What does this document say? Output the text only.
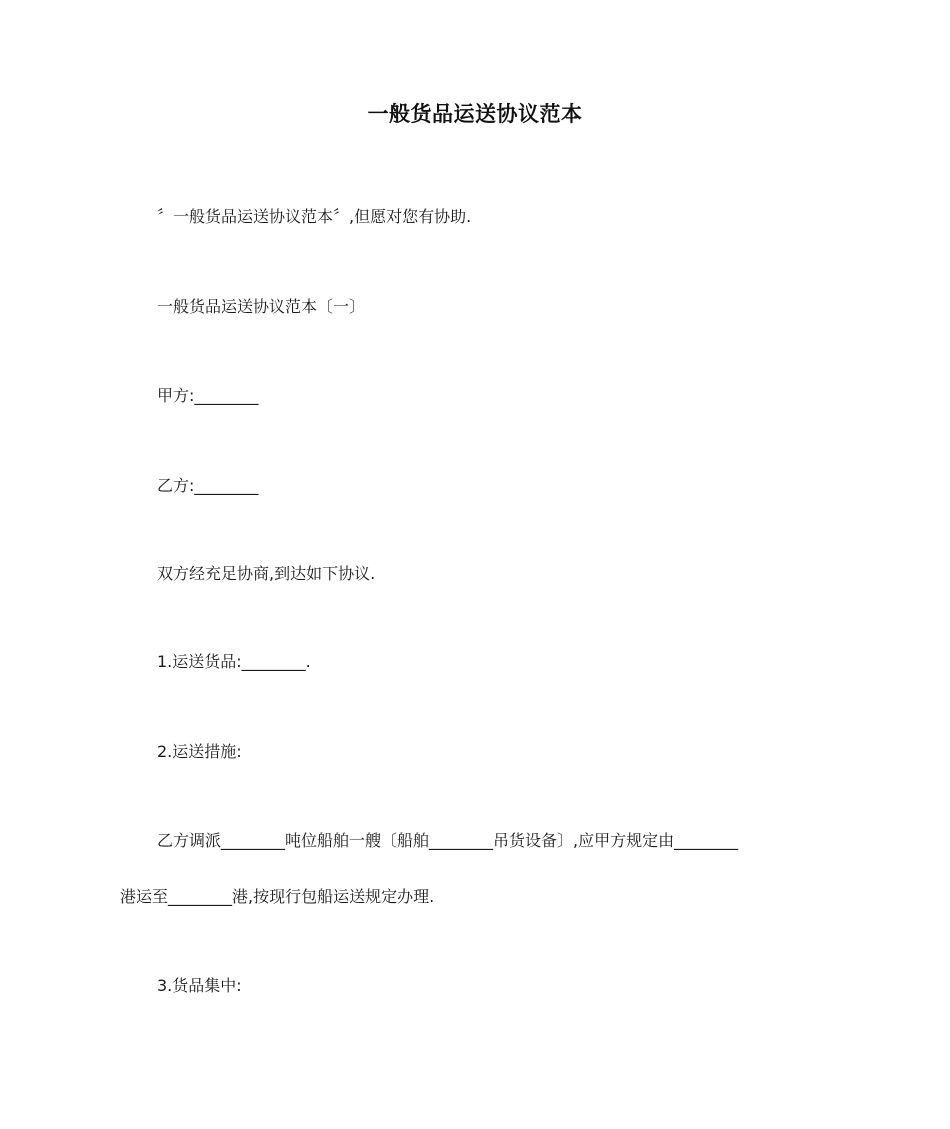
一般货品运送协议范本
〞一般货品运送协议范本〞,但愿对您有协助.
一般货品运送协议范本〔一〕
甲方:________
乙方:________
双方经充足协商,到达如下协议.
1.运送货品:________.
2.运送措施:
乙方调派________吨位船舶一艘〔船舶________吊货设备〕,应甲方规定由________
港运至________港,按现行包船运送规定办理.
3.货品集中:
